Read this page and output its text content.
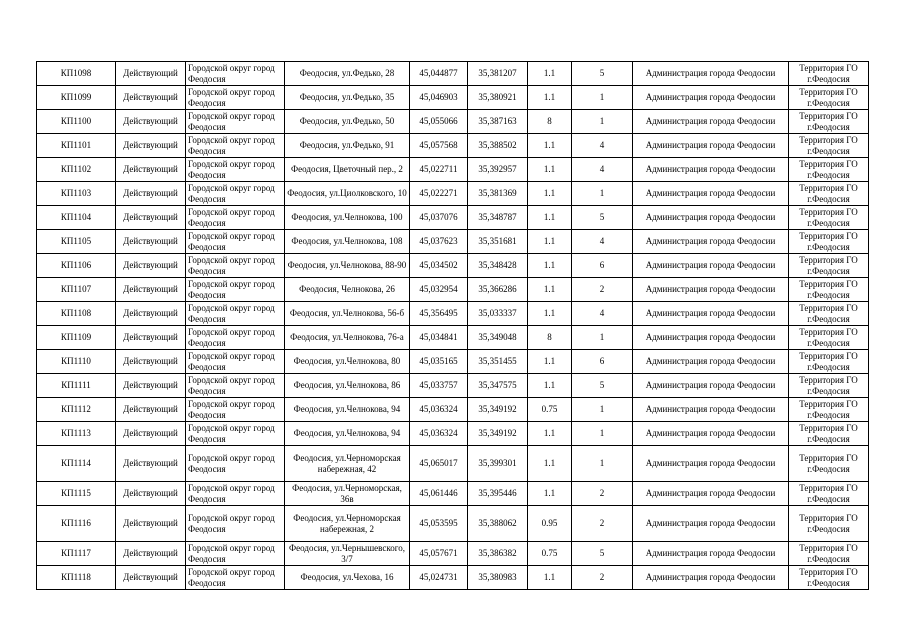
КП1098	Действующий	Городской округ город Феодосия	Феодосия, ул.Федько, 28	45,044877	35,381207	1.1	5	Администрация города Феодосии	Территория ГО г.Феодосия
КП1099	Действующий	Городской округ город Феодосия	Феодосия, ул.Федько, 35	45,046903	35,380921	1.1	1	Администрация города Феодосии	Территория ГО г.Феодосия
КП1100	Действующий	Городской округ город Феодосия	Феодосия, ул.Федько, 50	45,055066	35,387163	8	1	Администрация города Феодосии	Территория ГО г.Феодосия
КП1101	Действующий	Городской округ город Феодосия	Феодосия, ул.Федько, 91	45,057568	35,388502	1.1	4	Администрация города Феодосии	Территория ГО г.Феодосия
КП1102	Действующий	Городской округ город Феодосия	Феодосия, Цветочный пер., 2	45,022711	35,392957	1.1	4	Администрация города Феодосии	Территория ГО г.Феодосия
КП1103	Действующий	Городской округ город Феодосия	Феодосия, ул.Циолковского, 10	45,022271	35,381369	1.1	1	Администрация города Феодосии	Территория ГО г.Феодосия
КП1104	Действующий	Городской округ город Феодосия	Феодосия, ул.Челнокова, 100	45,037076	35,348787	1.1	5	Администрация города Феодосии	Территория ГО г.Феодосия
КП1105	Действующий	Городской округ город Феодосия	Феодосия, ул.Челнокова, 108	45,037623	35,351681	1.1	4	Администрация города Феодосии	Территория ГО г.Феодосия
КП1106	Действующий	Городской округ город Феодосия	Феодосия, ул.Челнокова, 88-90	45,034502	35,348428	1.1	6	Администрация города Феодосии	Территория ГО г.Феодосия
КП1107	Действующий	Городской округ город Феодосия	Феодосия, Челнокова, 26	45,032954	35,366286	1.1	2	Администрация города Феодосии	Территория ГО г.Феодосия
КП1108	Действующий	Городской округ город Феодосия	Феодосия, ул.Челнокова, 56-б	45,356495	35,033337	1.1	4	Администрация города Феодосии	Территория ГО г.Феодосия
КП1109	Действующий	Городской округ город Феодосия	Феодосия, ул.Челнокова, 76-а	45,034841	35,349048	8	1	Администрация города Феодосии	Территория ГО г.Феодосия
КП1110	Действующий	Городской округ город Феодосия	Феодосия, ул.Челнокова, 80	45,035165	35,351455	1.1	6	Администрация города Феодосии	Территория ГО г.Феодосия
КП1111	Действующий	Городской округ город Феодосия	Феодосия, ул.Челнокова, 86	45,033757	35,347575	1.1	5	Администрация города Феодосии	Территория ГО г.Феодосия
КП1112	Действующий	Городской округ город Феодосия	Феодосия, ул.Челнокова, 94	45,036324	35,349192	0.75	1	Администрация города Феодосии	Территория ГО г.Феодосия
КП1113	Действующий	Городской округ город Феодосия	Феодосия, ул.Челнокова, 94	45,036324	35,349192	1.1	1	Администрация города Феодосии	Территория ГО г.Феодосия
КП1114	Действующий	Городской округ город Феодосия	Феодосия, ул.Черноморская набережная, 42	45,065017	35,399301	1.1	1	Администрация города Феодосии	Территория ГО г.Феодосия
КП1115	Действующий	Городской округ город Феодосия	Феодосия, ул.Черноморская, 36в	45,061446	35,395446	1.1	2	Администрация города Феодосии	Территория ГО г.Феодосия
КП1116	Действующий	Городской округ город Феодосия	Феодосия, ул.Черноморская набережная, 2	45,053595	35,388062	0.95	2	Администрация города Феодосии	Территория ГО г.Феодосия
КП1117	Действующий	Городской округ город Феодосия	Феодосия, ул.Чернышевского, 3/7	45,057671	35,386382	0.75	5	Администрация города Феодосии	Территория ГО г.Феодосия
КП1118	Действующий	Городской округ город Феодосия	Феодосия, ул.Чехова, 16	45,024731	35,380983	1.1	2	Администрация города Феодосии	Территория ГО г.Феодосия
